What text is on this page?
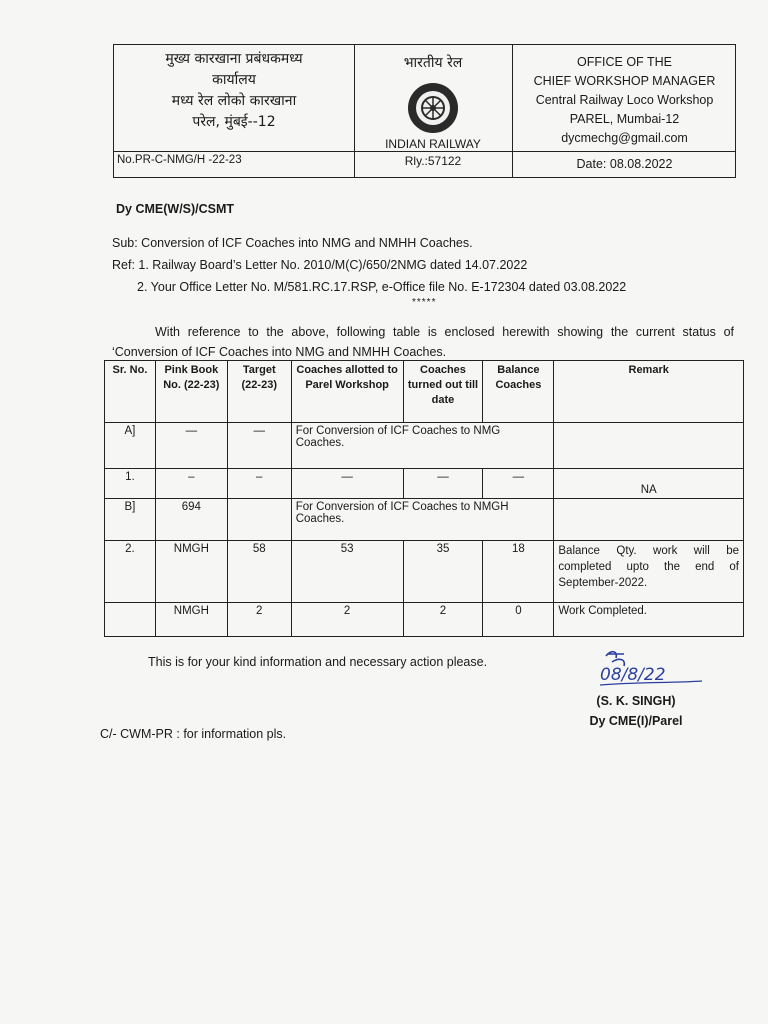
मुख्य कारखाना प्रबंधकमध्य
कार्यालय
मध्य रेल लोको कारखाना
परेल, मुंबई--12
भारतीय रेल
INDIAN RAILWAY
OFFICE OF THE
CHIEF WORKSHOP MANAGER
Central Railway Loco Workshop
PAREL, Mumbai-12
dycmechg@gmail.com
No.PR-C-NMG/H -22-23	Rly.:57122	Date: 08.08.2022
Dy CME(W/S)/CSMT
Sub: Conversion of ICF Coaches into NMG and NMHH Coaches.
Ref: 1. Railway Board’s Letter No. 2010/M(C)/650/2NMG dated 14.07.2022
2. Your Office Letter No. M/581.RC.17.RSP, e-Office file No. E-172304 dated 03.08.2022
*****
With reference to the above, following table is enclosed herewith showing the current status of ‘Conversion of ICF Coaches into NMG and NMHH Coaches.
Sr. No.	Pink Book No. (22-23)	Target (22-23)	Coaches allotted to Parel Workshop	Coaches turned out till date	Balance Coaches	Remark
A]	—	—	For Conversion of ICF Coaches to NMG Coaches.			
1.	–	–	—	—	—	NA
B]	694		For Conversion of ICF Coaches to NMGH Coaches.			
2.	NMGH	58	53	35	18	Balance Qty. work will be completed upto the end of September-2022.
	NMGH	2	2	2	0	Work Completed.
This is for your kind information and necessary action please.
08/8/22
(S. K. SINGH)
Dy CME(I)/Parel
C/- CWM-PR : for information pls.
